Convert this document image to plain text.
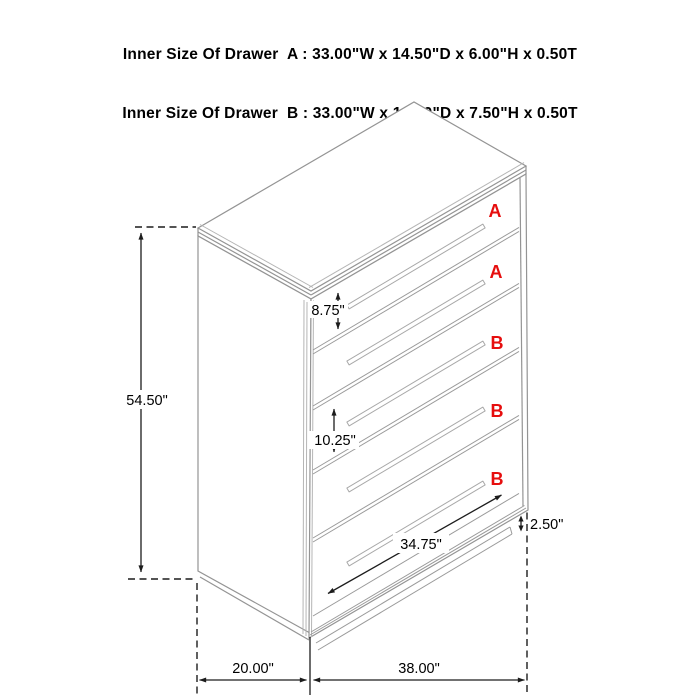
Inner Size Of Drawer  A : 33.00"W x 14.50"D x 6.00"H x 0.50T

Inner Size Of Drawer  B : 33.00"W x 14.50"D x 7.50"H x 0.50T

A
A
B
B
B
54.50"
8.75"
10.25"
2.50"
34.75"
20.00"	38.00"
